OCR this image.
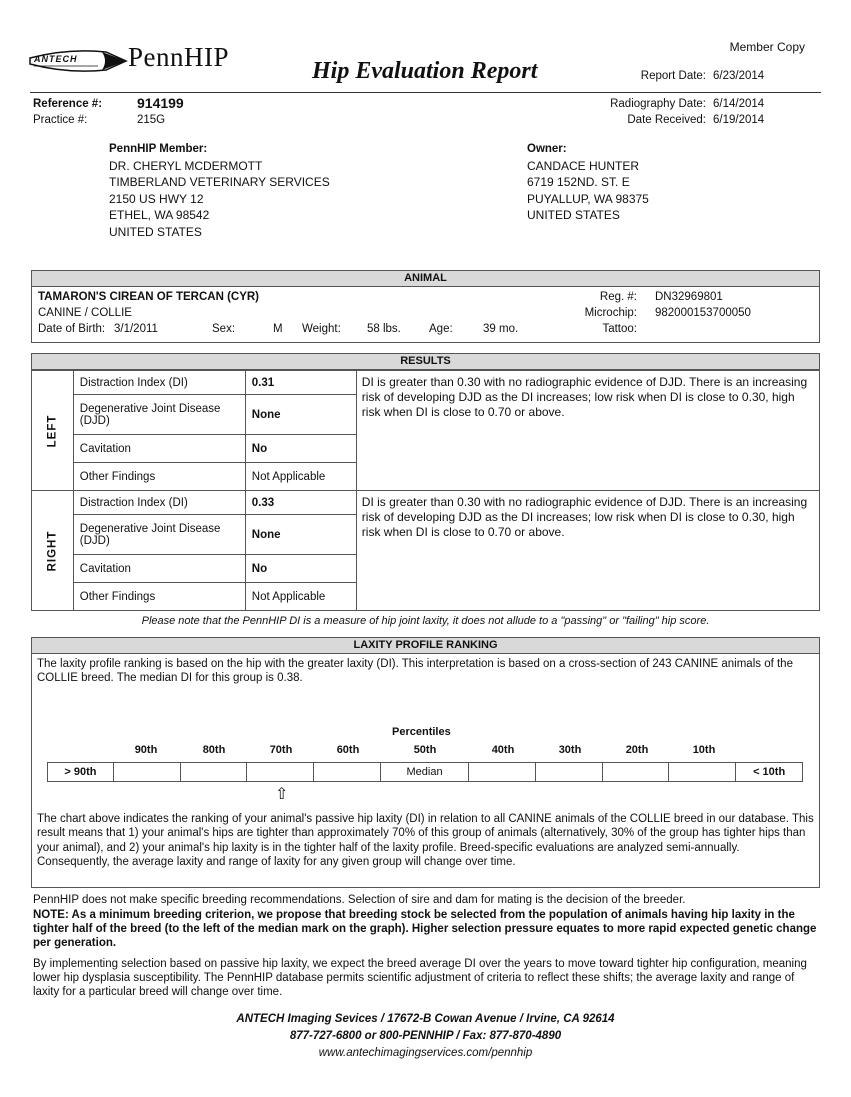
ANTECH PennHIP	Hip Evaluation Report
Member Copy
Report Date: 6/23/2014
Reference #: 914199
Practice #:	215G
Radiography Date: 6/14/2014
Date Received: 6/19/2014
PennHIP Member:
DR. CHERYL MCDERMOTT
TIMBERLAND VETERINARY SERVICES
2150 US HWY 12
ETHEL, WA 98542
UNITED STATES
Owner:
CANDACE HUNTER
6719 152ND. ST. E
PUYALLUP, WA 98375
UNITED STATES
ANIMAL
TAMARON'S CIREAN OF TERCAN (CYR)
CANINE / COLLIE
Date of Birth: 3/1/2011	Sex:	M Weight: 58 lbs. Age:	39 mo.
Reg. #: DN32969801
Microchip: 982000153700050
Tattoo:
RESULTS
LEFT	Distraction Index (DI)	0.31	DI is greater than 0.30 with no radiographic evidence of DJD. There is an increasing risk of developing DJD as the DI increases; low risk when DI is close to 0.30, high risk when DI is close to 0.70 or above.
	Degenerative Joint Disease (DJD)	None	
	Cavitation	No	
	Other Findings	Not Applicable	
RIGHT	Distraction Index (DI)	0.33	DI is greater than 0.30 with no radiographic evidence of DJD. There is an increasing risk of developing DJD as the DI increases; low risk when DI is close to 0.30, high risk when DI is close to 0.70 or above.
	Degenerative Joint Disease (DJD)	None	
	Cavitation	No	
	Other Findings	Not Applicable	
Please note that the PennHIP DI is a measure of hip joint laxity, it does not allude to a "passing" or "failing" hip score.
LAXITY PROFILE RANKING
The laxity profile ranking is based on the hip with the greater laxity (DI). This interpretation is based on a cross-section of 243 CANINE animals of the COLLIE breed. The median DI for this group is 0.38.
The chart above indicates the ranking of your animal's passive hip laxity (DI) in relation to all CANINE animals of the COLLIE breed in our database. This result means that 1) your animal's hips are tighter than approximately 70% of this group of animals (alternatively, 30% of the group has tighter hips than your animal), and 2) your animal's hip laxity is in the tighter half of the laxity profile. Breed-specific evaluations are analyzed semi-annually. Consequently, the average laxity and range of laxity for any given group will change over time.
Percentiles
90th	80th	70th	60th	50th	40th	30th	20th	10th
> 90th	Median	< 10th
⇧
PennHIP does not make specific breeding recommendations. Selection of sire and dam for mating is the decision of the breeder.
NOTE: As a minimum breeding criterion, we propose that breeding stock be selected from the population of animals having hip laxity in the tighter half of the breed (to the left of the median mark on the graph). Higher selection pressure equates to more rapid expected genetic change per generation.
By implementing selection based on passive hip laxity, we expect the breed average DI over the years to move toward tighter hip configuration, meaning lower hip dysplasia susceptibility. The PennHIP database permits scientific adjustment of criteria to reflect these shifts; the average laxity and range of laxity for a particular breed will change over time.
ANTECH Imaging Sevices / 17672-B Cowan Avenue / Irvine, CA 92614
877-727-6800 or 800-PENNHIP / Fax: 877-870-4890
www.antechimagingservices.com/pennhip
